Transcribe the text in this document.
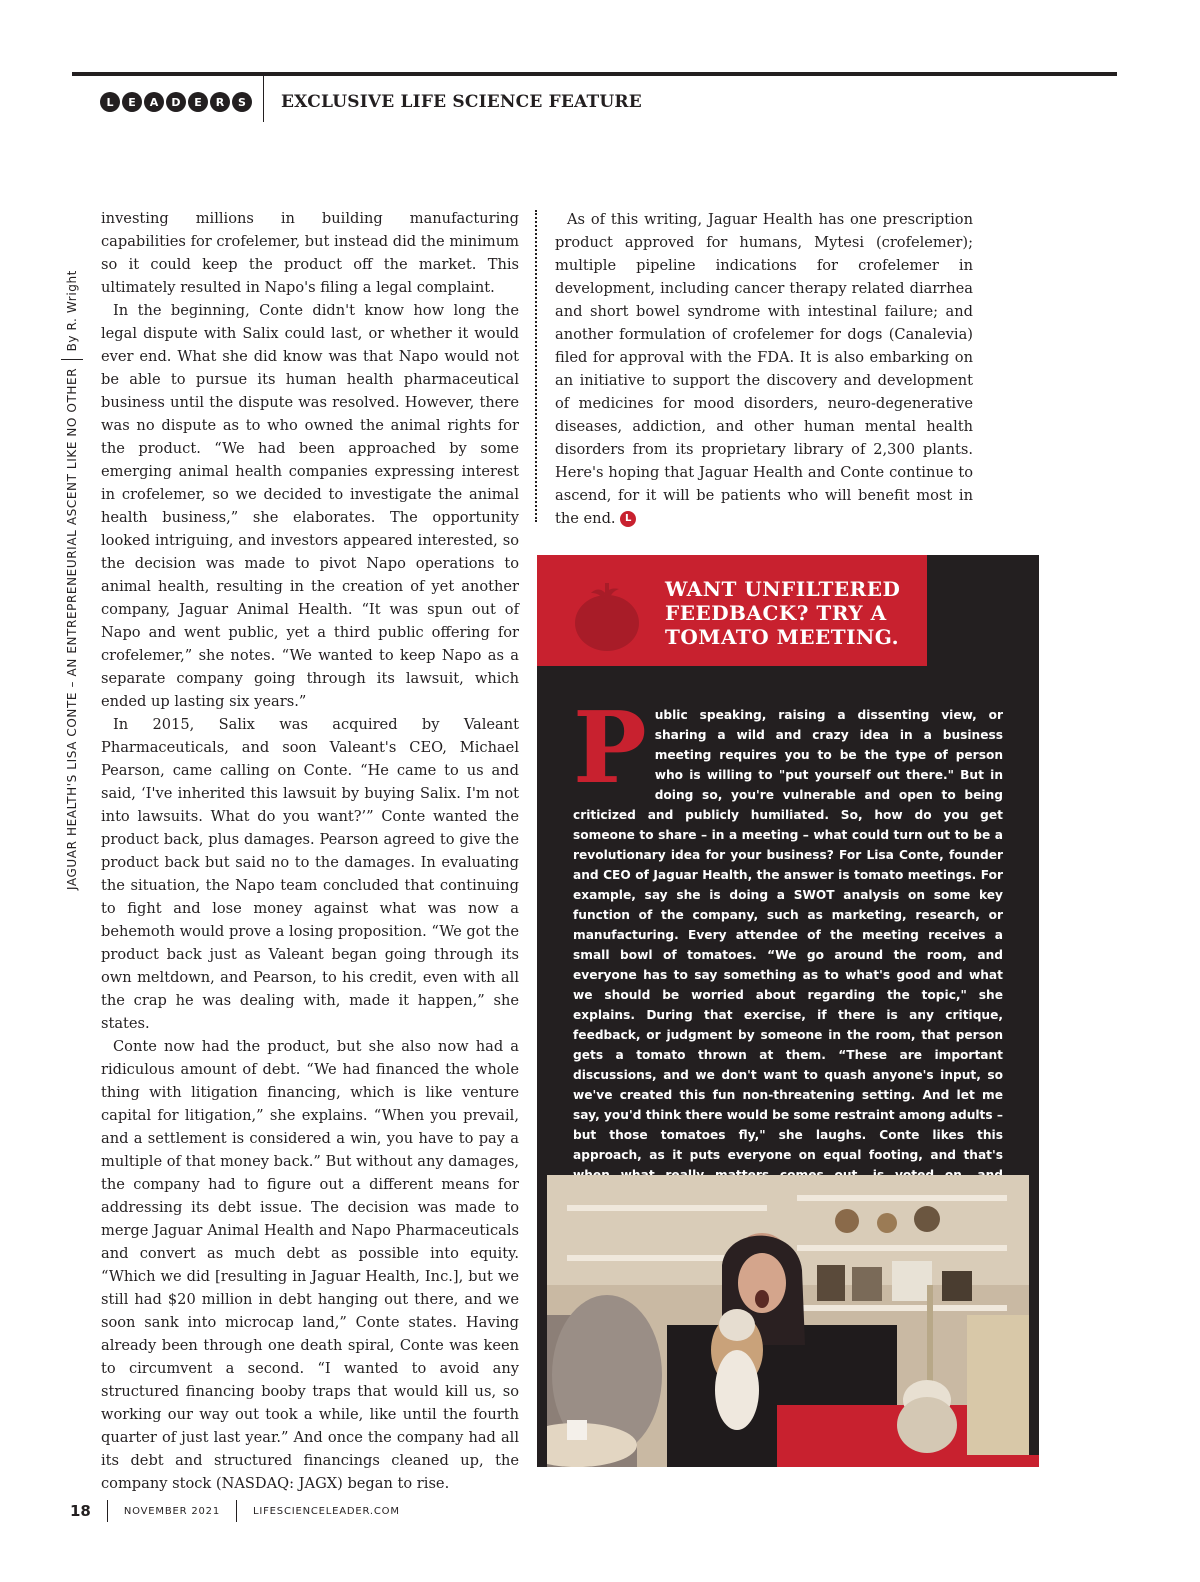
L	E	A	D	E	R	S	EXCLUSIVE LIFE SCIENCE FEATURE
JAGUAR HEALTH'S LISA CONTE – AN ENTREPRENEURIAL ASCENT LIKE NO OTHER
By R. Wright

investing millions in building manufacturing capabilities for crofelemer, but instead did the minimum so it could keep the product off the market. This ultimately resulted in Napo's filing a legal complaint.

In the beginning, Conte didn't know how long the legal dispute with Salix could last, or whether it would ever end. What she did know was that Napo would not be able to pursue its human health pharmaceutical business until the dispute was resolved. However, there was no dispute as to who owned the animal rights for the product. “We had been approached by some emerging animal health companies expressing interest in crofelemer, so we decided to investigate the animal health business,” she elaborates. The opportunity looked intriguing, and investors appeared interested, so the decision was made to pivot Napo operations to animal health, resulting in the creation of yet another company, Jaguar Animal Health. “It was spun out of Napo and went public, yet a third public offering for crofelemer,” she notes. “We wanted to keep Napo as a separate company going through its lawsuit, which ended up lasting six years.”

In 2015, Salix was acquired by Valeant Pharmaceuticals, and soon Valeant's CEO, Michael Pearson, came calling on Conte. “He came to us and said, ‘I've inherited this lawsuit by buying Salix. I'm not into lawsuits. What do you want?’” Conte wanted the product back, plus damages. Pearson agreed to give the product back but said no to the damages. In evaluating the situation, the Napo team concluded that continuing to fight and lose money against what was now a behemoth would prove a losing proposition. “We got the product back just as Valeant began going through its own meltdown, and Pearson, to his credit, even with all the crap he was dealing with, made it happen,” she states.

Conte now had the product, but she also now had a ridiculous amount of debt. “We had financed the whole thing with litigation financing, which is like venture capital for litigation,” she explains. “When you prevail, and a settlement is considered a win, you have to pay a multiple of that money back.” But without any damages, the company had to figure out a different means for addressing its debt issue. The decision was made to merge Jaguar Animal Health and Napo Pharmaceuticals and convert as much debt as possible into equity. “Which we did [resulting in Jaguar Health, Inc.], but we still had $20 million in debt hanging out there, and we soon sank into microcap land,” Conte states. Having already been through one death spiral, Conte was keen to circumvent a second. “I wanted to avoid any structured financing booby traps that would kill us, so working our way out took a while, like until the fourth quarter of just last year.” And once the company had all its debt and structured financings cleaned up, the company stock (NASDAQ: JAGX) began to rise.

As of this writing, Jaguar Health has one prescription product approved for humans, Mytesi (crofelemer); multiple pipeline indications for crofelemer in development, including cancer therapy related diarrhea and short bowel syndrome with intestinal failure; and another formulation of crofelemer for dogs (Canalevia) filed for approval with the FDA. It is also embarking on an initiative to support the discovery and development of medicines for mood disorders, neuro-degenerative diseases, addiction, and other human mental health disorders from its proprietary library of 2,300 plants. Here's hoping that Jaguar Health and Conte continue to ascend, for it will be patients who will benefit most in the end. L

WANT UNFILTERED FEEDBACK? TRY A TOMATO MEETING.
P ublic speaking, raising a dissenting view, or sharing a wild and crazy idea in a business meeting requires you to be the type of person who is willing to "put yourself out there." But in doing so, you're vulnerable and open to being criticized and publicly humiliated. So, how do you get someone to share – in a meeting – what could turn out to be a revolutionary idea for your business? For Lisa Conte, founder and CEO of Jaguar Health, the answer is tomato meetings. For example, say she is doing a SWOT analysis on some key function of the company, such as marketing, research, or manufacturing. Every attendee of the meeting receives a small bowl of tomatoes. “We go around the room, and everyone has to say something as to what's good and what we should be worried about regarding the topic," she explains. During that exercise, if there is any critique, feedback, or judgment by someone in the room, that person gets a tomato thrown at them. “These are important discussions, and we don't want to quash anyone's input, so we've created this fun non-threatening setting. And let me say, you'd think there would be some restraint among adults – but those tomatoes fly," she laughs. Conte likes this approach, as it puts everyone on equal footing, and that's
18	NOVEMBER 2021	LIFESCIENCELEADER.COM
